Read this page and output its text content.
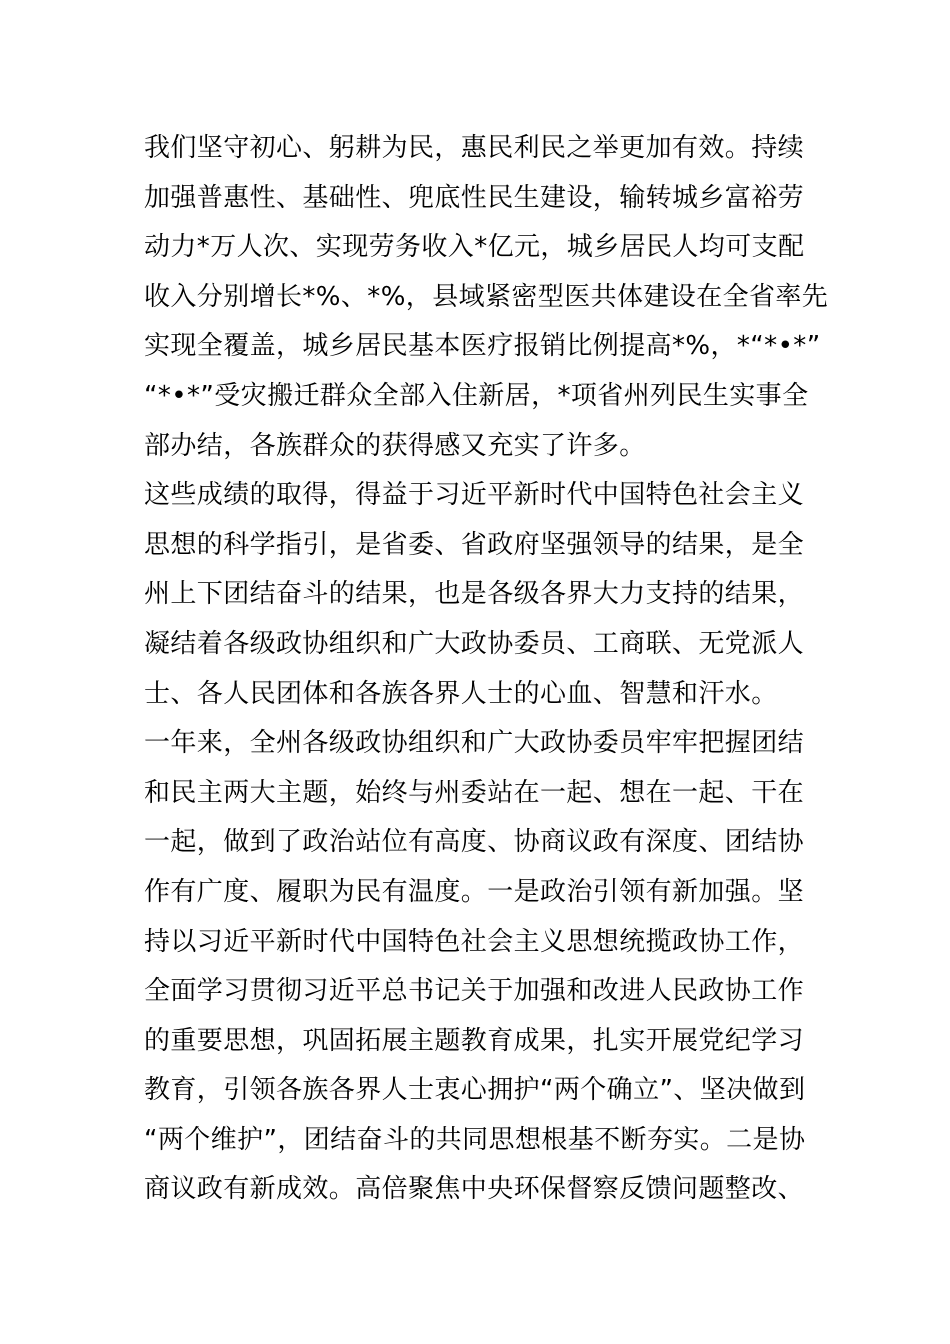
我们坚守初心、躬耕为民，惠民利民之举更加有效。持续
加强普惠性、基础性、兜底性民生建设，输转城乡富裕劳
动力*万人次、实现劳务收入*亿元，城乡居民人均可支配
收入分别增长*%、*%，县域紧密型医共体建设在全省率先
实现全覆盖，城乡居民基本医疗报销比例提高*%，*“*•*”
“*•*”受灾搬迁群众全部入住新居，*项省州列民生实事全
部办结，各族群众的获得感又充实了许多。
这些成绩的取得，得益于习近平新时代中国特色社会主义
思想的科学指引，是省委、省政府坚强领导的结果，是全
州上下团结奋斗的结果，也是各级各界大力支持的结果，
凝结着各级政协组织和广大政协委员、工商联、无党派人
士、各人民团体和各族各界人士的心血、智慧和汗水。
一年来，全州各级政协组织和广大政协委员牢牢把握团结
和民主两大主题，始终与州委站在一起、想在一起、干在
一起，做到了政治站位有高度、协商议政有深度、团结协
作有广度、履职为民有温度。一是政治引领有新加强。坚
持以习近平新时代中国特色社会主义思想统揽政协工作，
全面学习贯彻习近平总书记关于加强和改进人民政协工作
的重要思想，巩固拓展主题教育成果，扎实开展党纪学习
教育，引领各族各界人士衷心拥护“两个确立”、坚决做到
“两个维护”，团结奋斗的共同思想根基不断夯实。二是协
商议政有新成效。高倍聚焦中央环保督察反馈问题整改、
